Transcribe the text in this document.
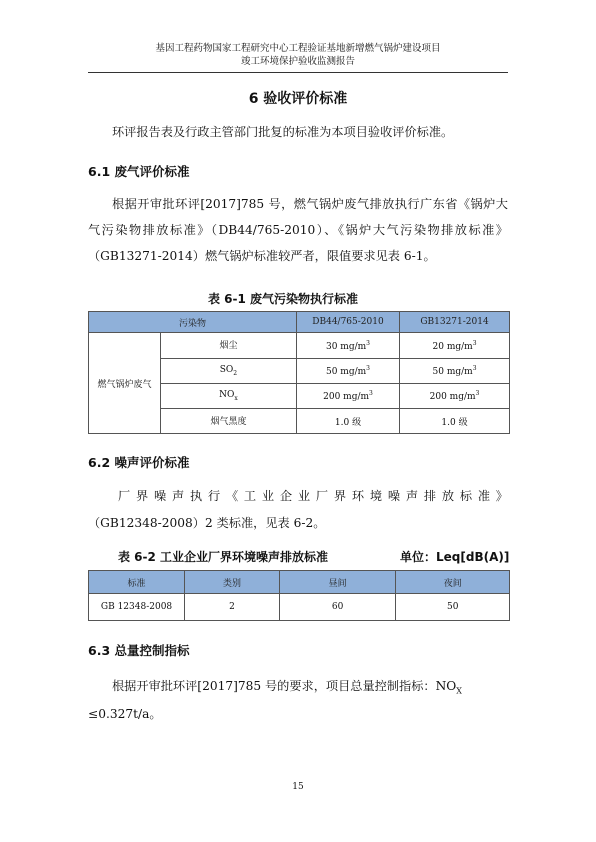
基因工程药物国家工程研究中心工程验证基地新增燃气锅炉建设项目
竣工环境保护验收监测报告
6 验收评价标准
环评报告表及行政主管部门批复的标准为本项目验收评价标准。
6.1 废气评价标准
根据开审批环评[2017]785 号，燃气锅炉废气排放执行广东省《锅炉大气污染物排放标准》（DB44/765-2010）、《锅炉大气污染物排放标准》（GB13271-2014）燃气锅炉标准较严者，限值要求见表 6-1。
表 6-1 废气污染物执行标准
污染物		DB44/765-2010	GB13271-2014
燃气锅炉废气	烟尘	30 $mg/m^3$	20 $mg/m^3$
	$SO_2$	50 $mg/m^3$	50 $mg/m^3$
	$NO_x$	200 $mg/m^3$	200 $mg/m^3$
	烟气黑度	1.0 级	1.0 级
6.2 噪声评价标准
厂界噪声执行《工业企业厂界环境噪声排放标准》
（GB12348-2008）2 类标准，见表 6-2。
表 6-2 工业企业厂界环境噪声排放标准	单位：Leq[dB(A)]
标准	类别	昼间	夜间
GB 12348-2008	2	60	50
6.3 总量控制指标
根据开审批环评[2017]785 号的要求，项目总量控制指标：$NO_X$
≤0.327t/a。
15
